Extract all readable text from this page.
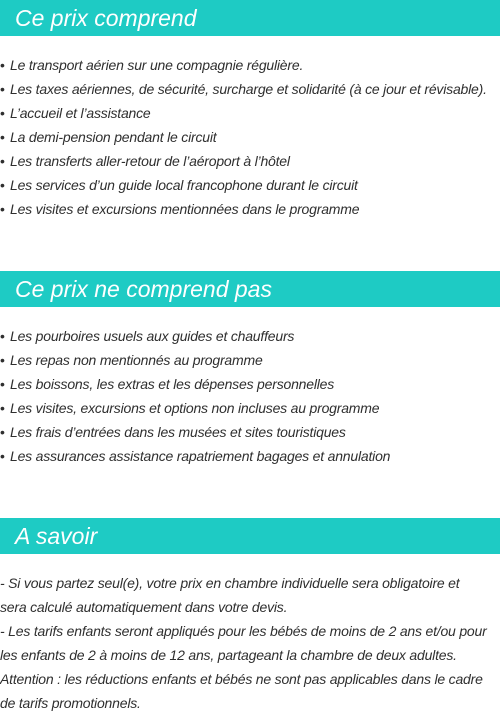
Ce prix comprend
• Le transport aérien sur une compagnie régulière.
• Les taxes aériennes, de sécurité, surcharge et solidarité (à ce jour et révisable).
• L’accueil et l’assistance
• La demi-pension pendant le circuit
• Les transferts aller-retour de l’aéroport à l’hôtel
• Les services d’un guide local francophone durant le circuit
• Les visites et excursions mentionnées dans le programme
Ce prix ne comprend pas
• Les pourboires usuels aux guides et chauffeurs
• Les repas non mentionnés au programme
• Les boissons, les extras et les dépenses personnelles
• Les visites, excursions et options non incluses au programme
• Les frais d’entrées dans les musées et sites touristiques
• Les assurances assistance rapatriement bagages et annulation
A savoir

- Si vous partez seul(e), votre prix en chambre individuelle sera obligatoire et

sera calculé automatiquement dans votre devis.

- Les tarifs enfants seront appliqués pour les bébés de moins de 2 ans et/ou pour

les enfants de 2 à moins de 12 ans, partageant la chambre de deux adultes.

Attention : les réductions enfants et bébés ne sont pas applicables dans le cadre

de tarifs promotionnels.
